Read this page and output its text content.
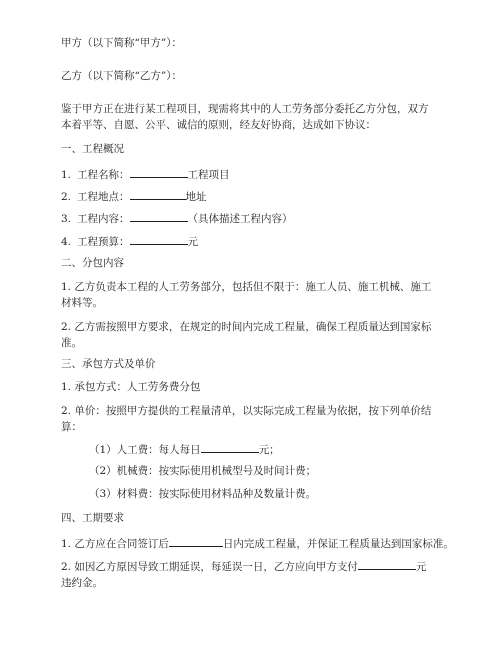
甲方（以下简称“甲方”）：
乙方（以下简称“乙方”）：
鉴于甲方正在进行某工程项目，现需将其中的人工劳务部分委托乙方分包，双方本着平等、自愿、公平、诚信的原则，经友好协商，达成如下协议：
一、工程概况
1. 工程名称：	工程项目
2. 工程地点：	地址
3. 工程内容：	（具体描述工程内容）
4. 工程预算：	元
二、分包内容
1. 乙方负责本工程的人工劳务部分，包括但不限于：施工人员、施工机械、施工材料等。
2. 乙方需按照甲方要求，在规定的时间内完成工程量，确保工程质量达到国家标准。
三、承包方式及单价
1. 承包方式：人工劳务费分包
2. 单价：按照甲方提供的工程量清单，以实际完成工程量为依据，按下列单价结算：
（1）人工费：每人每日	元；
（2）机械费：按实际使用机械型号及时间计费；
（3）材料费：按实际使用材料品种及数量计费。
四、工期要求
1. 乙方应在合同签订后	日内完成工程量，并保证工程质量达到国家标准。
2. 如因乙方原因导致工期延误，每延误一日，乙方应向甲方支付	元违约金。
